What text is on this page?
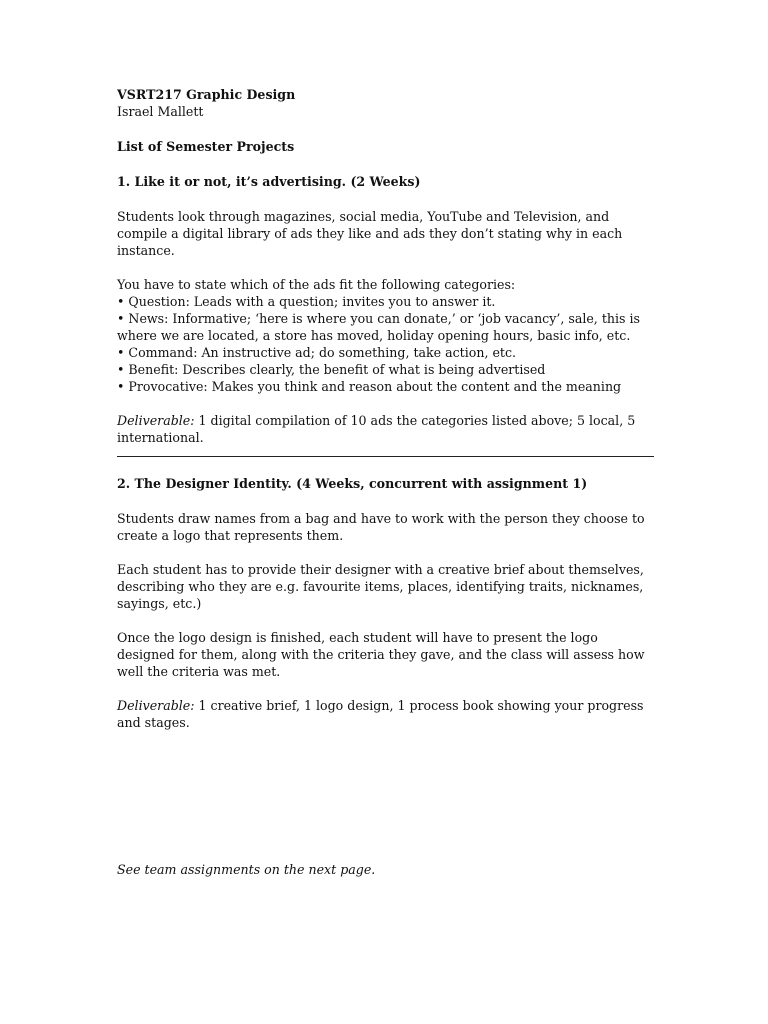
VSRT217 Graphic Design

Israel Mallett

List of Semester Projects

1. Like it or not, it’s advertising. (2 Weeks)

Students look through magazines, social media, YouTube and Television, and compile a digital library of ads they like and ads they don’t stating why in each instance.

You have to state which of the ads fit the following categories:

• Question: Leads with a question; invites you to answer it.
• News: Informative; ‘here is where you can donate,’ or ‘job vacancy’, sale, this is where we are located, a store has moved, holiday opening hours, basic info, etc.
• Command: An instructive ad; do something, take action, etc.
• Benefit: Describes clearly, the benefit of what is being advertised
• Provocative: Makes you think and reason about the content and the meaning

Deliverable: 1 digital compilation of 10 ads the categories listed above; 5 local, 5 international.

2. The Designer Identity. (4 Weeks, concurrent with assignment 1)

Students draw names from a bag and have to work with the person they choose to create a logo that represents them.

Each student has to provide their designer with a creative brief about themselves, describing who they are e.g. favourite items, places, identifying traits, nicknames, sayings, etc.)

Once the logo design is finished, each student will have to present the logo designed for them, along with the criteria they gave, and the class will assess how well the criteria was met.

Deliverable: 1 creative brief, 1 logo design, 1 process book showing your progress and stages.

See team assignments on the next page.
